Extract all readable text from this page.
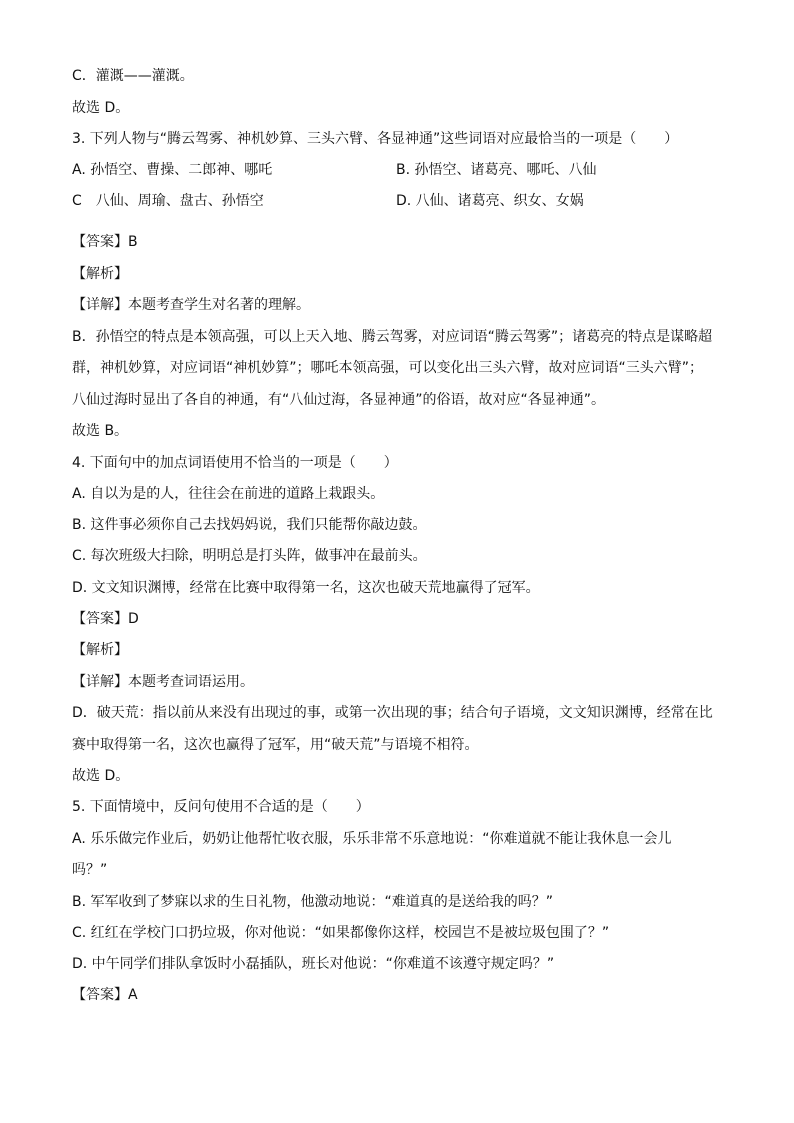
C．灌溉——灌溉。
故选 D。
3. 下列人物与“腾云驾雾、神机妙算、三头六臂、各显神通”这些词语对应最恰当的一项是（　　）
A. 孙悟空、曹操、二郎神、哪吒	B. 孙悟空、诸葛亮、哪吒、八仙
C　八仙、周瑜、盘古、孙悟空	D. 八仙、诸葛亮、织女、女娲
【答案】B
【解析】
【详解】本题考查学生对名著的理解。
B．孙悟空的特点是本领高强，可以上天入地、腾云驾雾，对应词语“腾云驾雾”；诸葛亮的特点是谋略超
群，神机妙算，对应词语“神机妙算”；哪吒本领高强，可以变化出三头六臂，故对应词语“三头六臂”；
八仙过海时显出了各自的神通，有“八仙过海，各显神通”的俗语，故对应“各显神通”。
故选 B。
4. 下面句中的加点词语使用不恰当的一项是（　　）
A. 自以为是的人，往往会在前进的道路上栽跟头。
B. 这件事必须你自己去找妈妈说，我们只能帮你敲边鼓。
C. 每次班级大扫除，明明总是打头阵，做事冲在最前头。
D. 文文知识渊博，经常在比赛中取得第一名，这次也破天荒地赢得了冠军。
【答案】D
【解析】
【详解】本题考查词语运用。
D．破天荒：指以前从来没有出现过的事，或第一次出现的事；结合句子语境，文文知识渊博，经常在比
赛中取得第一名，这次也赢得了冠军，用“破天荒”与语境不相符。
故选 D。
5. 下面情境中，反问句使用不合适的是（　　）
A. 乐乐做完作业后，奶奶让他帮忙收衣服，乐乐非常不乐意地说：“你难道就不能让我休息一会儿
吗？”
B. 军军收到了梦寐以求的生日礼物，他激动地说：“难道真的是送给我的吗？”
C. 红红在学校门口扔垃圾，你对他说：“如果都像你这样，校园岂不是被垃圾包围了？”
D. 中午同学们排队拿饭时小磊插队，班长对他说：“你难道不该遵守规定吗？”
【答案】A
